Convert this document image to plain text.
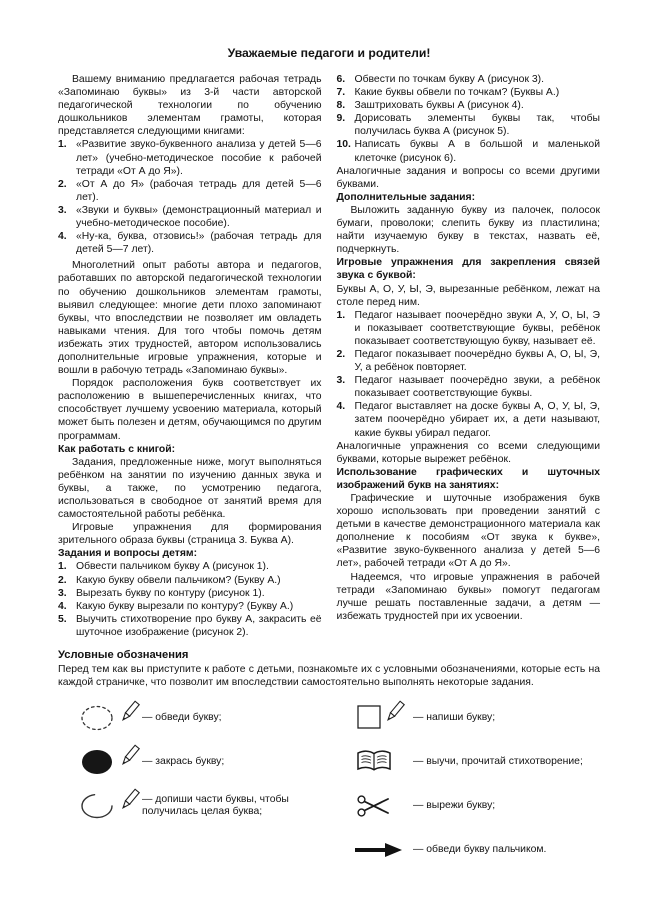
Уважаемые педагоги и родители!

Вашему вниманию предлагается рабочая тетрадь «Запоминаю буквы» из 3-й части авторской педагогической технологии по обучению дошкольников элементам грамоты, которая представляется следующими книгами:

1. «Развитие звуко-буквенного анализа у детей 5—6 лет» (учебно-методическое пособие к рабочей тетради «От А до Я»).
2. «От А до Я» (рабочая тетрадь для детей 5—6 лет).
3. «Звуки и буквы» (демонстрационный материал и учебно-методическое пособие).
4. «Ну-ка, буква, отзовись!» (рабочая тетрадь для детей 5—7 лет).

Многолетний опыт работы автора и педагогов, работавших по авторской педагогической технологии по обучению дошкольников элементам грамоты, выявил следующее: многие дети плохо запоминают буквы, что впоследствии не позволяет им овладеть навыками чтения. Для того чтобы помочь детям избежать этих трудностей, автором использовались дополнительные игровые упражнения, которые и вошли в рабочую тетрадь «Запоминаю буквы».

Порядок расположения букв соответствует их расположению в вышеперечисленных книгах, что способствует лучшему усвоению материала, который может быть полезен и детям, обучающимся по другим программам.

Как работать с книгой:

Задания, предложенные ниже, могут выполняться ребёнком на занятии по изучению данных звука и буквы, а также, по усмотрению педагога, использоваться в свободное от занятий время для самостоятельной работы ребёнка.

Игровые упражнения для формирования зрительного образа буквы (страница 3. Буква А).

Задания и вопросы детям:

1. Обвести пальчиком букву А (рисунок 1).
2. Какую букву обвели пальчиком? (Букву А.)
3. Вырезать букву по контуру (рисунок 1).
4. Какую букву вырезали по контуру? (Букву А.)
5. Выучить стихотворение про букву А, закрасить её шуточное изображение (рисунок 2).
6. Обвести по точкам букву А (рисунок 3).
7. Какие буквы обвели по точкам? (Буквы А.)
8. Заштриховать буквы А (рисунок 4).
9. Дорисовать элементы буквы так, чтобы получилась буква А (рисунок 5).
10. Написать буквы А в большой и маленькой клеточке (рисунок 6).

Аналогичные задания и вопросы со всеми другими буквами.

Дополнительные задания:

Выложить заданную букву из палочек, полосок бумаги, проволоки; слепить букву из пластилина; найти изучаемую букву в текстах, назвать её, подчеркнуть.

Игровые упражнения для закрепления связей звука с буквой:

Буквы А, О, У, Ы, Э, вырезанные ребёнком, лежат на столе перед ним.

1. Педагог называет поочерёдно звуки А, У, О, Ы, Э и показывает соответствующие буквы, ребёнок показывает соответствующую букву, называет её.
2. Педагог показывает поочерёдно буквы А, О, Ы, Э, У, а ребёнок повторяет.
3. Педагог называет поочерёдно звуки, а ребёнок показывает соответствующие буквы.
4. Педагог выставляет на доске буквы А, О, У, Ы, Э, затем поочерёдно убирает их, а дети называют, какие буквы убирал педагог.

Аналогичные упражнения со всеми следующими буквами, которые вырежет ребёнок.

Использование графических и шуточных изображений букв на занятиях:

Графические и шуточные изображения букв хорошо использовать при проведении занятий с детьми в качестве демонстрационного материала как дополнение к пособиям «От звука к букве», «Развитие звуко-буквенного анализа у детей 5—6 лет», рабочей тетради «От А до Я».

Надеемся, что игровые упражнения в рабочей тетради «Запоминаю буквы» помогут педагогам лучше решать поставленные задачи, а детям — избежать трудностей при их усвоении.

Условные обозначения

Перед тем как вы приступите к работе с детьми, познакомьте их с условными обозначениями, которые есть на каждой страничке, что позволит им впоследствии самостоятельно выполнять некоторые задания.

— обведи букву;
— закрась букву;
— допиши части буквы, чтобы получилась целая буква;
— напиши букву;
— выучи, прочитай стихотворение;
— вырежи букву;
— обведи букву пальчиком.
